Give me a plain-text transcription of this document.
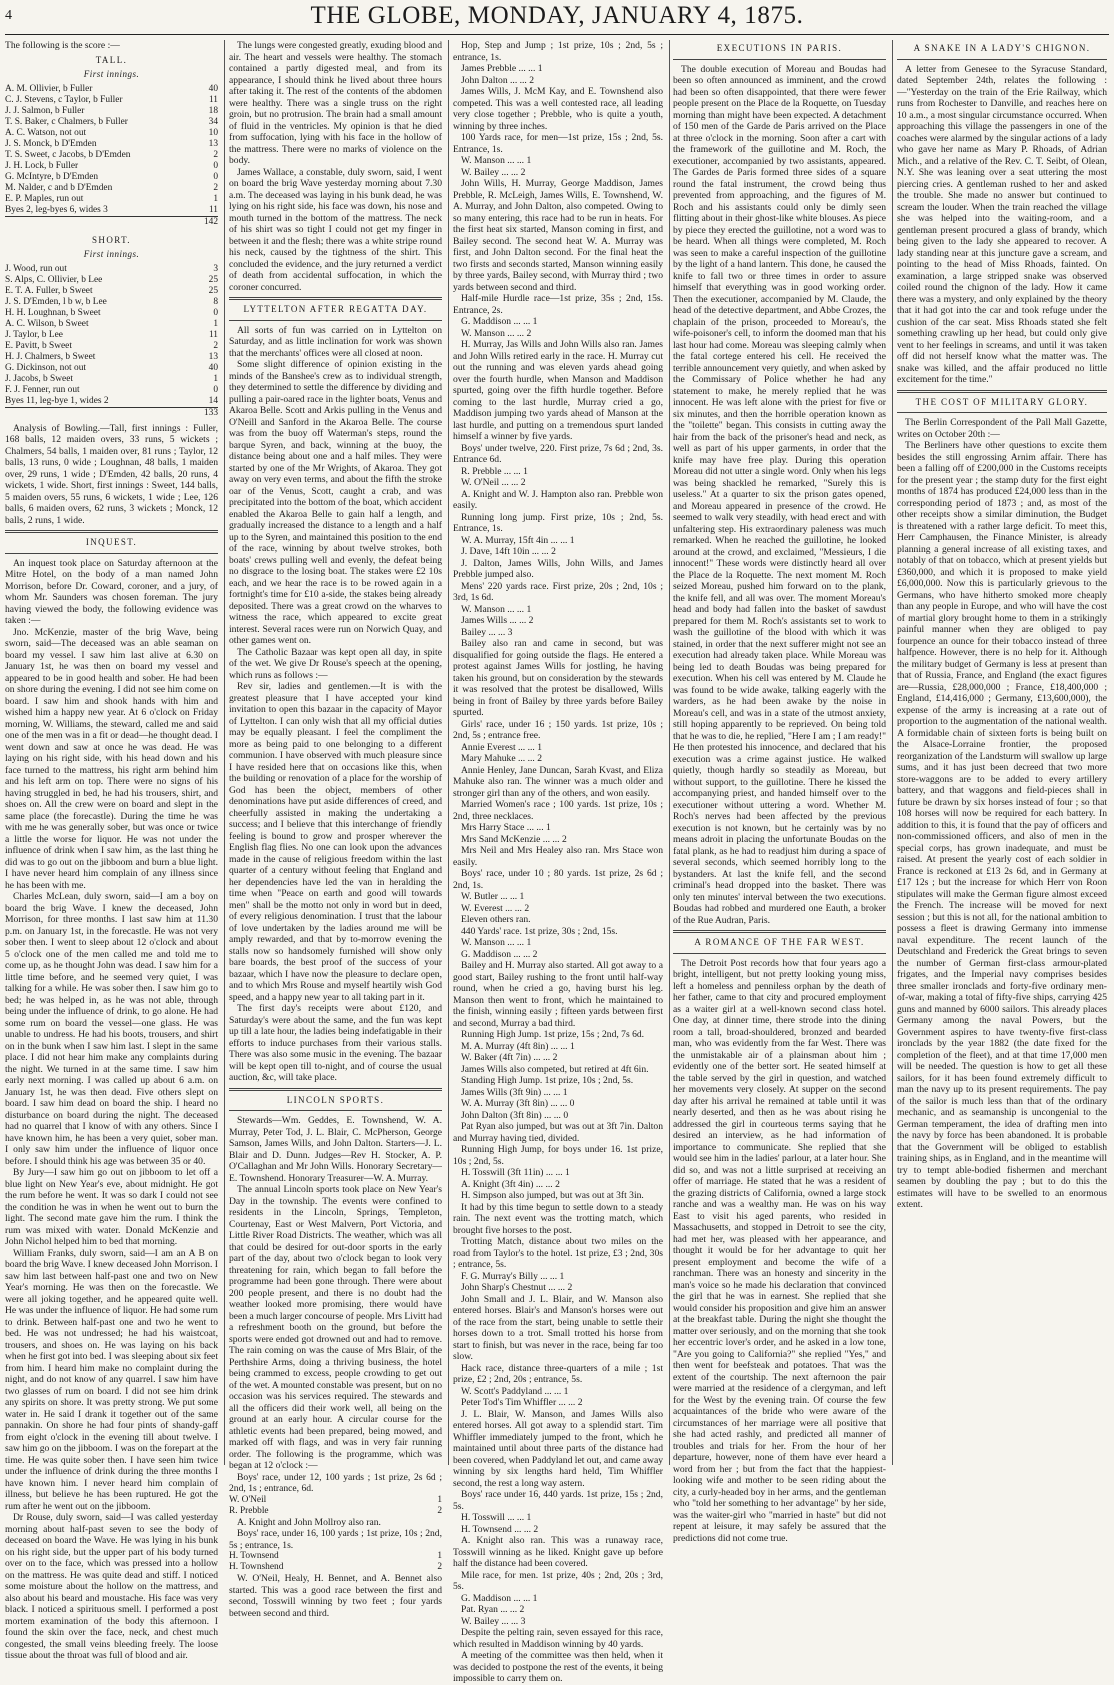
4	THE GLOBE, MONDAY, JANUARY 4, 1875.

The following is the score :—

TALL.
First innings.
A. M. Ollivier, b Fuller	40
C. J. Stevens, c Taylor, b Fuller	11
J. J. Salmon, b Fuller	18
T. S. Baker, c Chalmers, b Fuller	34
A. C. Watson, not out	10
J. S. Monck, b D'Emden	13
T. S. Sweet, c Jacobs, b D'Emden	2
J. H. Lock, b Fuller	0
G. McIntyre, b D'Emden	0
M. Nalder, c and b D'Emden	2
E. P. Maples, run out	1
Byes 2, leg-byes 6, wides 3	11
	142
SHORT.
First innings.
J. Wood, run out	3
S. Alps, C. Ollivier, b Lee	25
E. T. A. Fuller, b Sweet	25
J. S. D'Emden, l b w, b Lee	8
H. H. Loughnan, b Sweet	0
A. C. Wilson, b Sweet	1
J. Taylor, b Lee	11
E. Pavitt, b Sweet	2
H. J. Chalmers, b Sweet	13
G. Dickinson, not out	40
J. Jacobs, b Sweet	1
F. J. Fenner, run out	0
Byes 11, leg-bye 1, wides 2	14
	133

Analysis of Bowling.—Tall, first innings : Fuller, 168 balls, 12 maiden overs, 33 runs, 5 wickets ; Chalmers, 54 balls, 1 maiden over, 81 runs ; Taylor, 12 balls, 13 runs, 0 wide ; Loughnan, 48 balls, 1 maiden over, 29 runs, 1 wide ; D'Emden, 42 balls, 20 runs, 4 wickets, 1 wide. Short, first innings : Sweet, 144 balls, 5 maiden overs, 55 runs, 6 wickets, 1 wide ; Lee, 126 balls, 6 maiden overs, 62 runs, 3 wickets ; Monck, 12 balls, 2 runs, 1 wide.

INQUEST.

An inquest took place on Saturday afternoon at the Mitre Hotel, on the body of a man named John Morrison, before Dr. Coward, coroner, and a jury, of whom Mr. Saunders was chosen foreman. The jury having viewed the body, the following evidence was taken :—

Jno. McKenzie, master of the brig Wave, being sworn, said—The deceased was an able seaman on board my vessel. I saw him last alive at 6.30 on January 1st, he was then on board my vessel and appeared to be in good health and sober. He had been on shore during the evening. I did not see him come on board. I saw him and shook hands with him and wished him a happy new year. At 6 o'clock on Friday morning, W. Williams, the steward, called me and said one of the men was in a fit or dead—he thought dead. I went down and saw at once he was dead. He was laying on his right side, with his head down and his face turned to the mattress, his right arm behind him and his left arm on top. There were no signs of his having struggled in bed, he had his trousers, shirt, and shoes on. All the crew were on board and slept in the same place (the forecastle). During the time he was with me he was generally sober, but was once or twice a little the worse for liquor. He was not under the influence of drink when I saw him, as the last thing he did was to go out on the jibboom and burn a blue light. I have never heard him complain of any illness since he has been with me.

Charles McLean, duly sworn, said—I am a boy on board the brig Wave. I knew the deceased, John Morrison, for three months. I last saw him at 11.30 p.m. on January 1st, in the forecastle. He was not very sober then. I went to sleep about 12 o'clock and about 5 o'clock one of the men called me and told me to come up, as he thought John was dead. I saw him for a little time before, and he seemed very quiet, I was talking for a while. He was sober then. I saw him go to bed; he was helped in, as he was not able, through being under the influence of drink, to go alone. He had some rum on board the vessel—one glass. He was unable to undress. He had his boots, trousers, and shirt on in the bunk when I saw him last. I slept in the same place. I did not hear him make any complaints during the night. We turned in at the same time. I saw him early next morning. I was called up about 6 a.m. on January 1st, he was then dead. Five others slept on board. I saw him dead on board the ship. I heard no disturbance on board during the night. The deceased had no quarrel that I know of with any others. Since I have known him, he has been a very quiet, sober man. I only saw him under the influence of liquor once before. I should think his age was between 35 or 40.

By Jury—I saw him go out on jibboom to let off a blue light on New Year's eve, about midnight. He got the rum before he went. It was so dark I could not see the condition he was in when he went out to burn the light. The second mate gave him the rum. I think the rum was mixed with water. Donald McKenzie and John Nichol helped him to bed that morning.

William Franks, duly sworn, said—I am an A B on board the brig Wave. I knew deceased John Morrison. I saw him last between half-past one and two on New Year's morning. He was then on the forecastle. We were all joking together, and he appeared quite well. He was under the influence of liquor. He had some rum to drink. Between half-past one and two he went to bed. He was not undressed; he had his waistcoat, trousers, and shoes on. He was laying on his back when he first got into bed. I was sleeping about six feet from him. I heard him make no complaint during the night, and do not know of any quarrel. I saw him have two glasses of rum on board. I did not see him drink any spirits on shore. It was pretty strong. We put some water in. He said I drank it together out of the same pannakin. On shore he had four pints of shandy-gaff from eight o'clock in the evening till about twelve. I saw him go on the jibboom. I was on the forepart at the time. He was quite sober then. I have seen him twice under the influence of drink during the three months I have known him. I never heard him complain of illness, but believe he has been ruptured. He got the rum after he went out on the jibboom.

Dr Rouse, duly sworn, said—I was called yesterday morning about half-past seven to see the body of deceased on board the Wave. He was lying in his bunk on his right side, but the upper part of his body turned over on to the face, which was pressed into a hollow on the mattress. He was quite dead and stiff. I noticed some moisture about the hollow on the mattress, and also about his beard and moustache. His face was very black. I noticed a spirituous smell. I performed a post mortem examination of the body this afternoon. I found the skin over the face, neck, and chest much congested, the small veins bleeding freely. The loose tissue about the throat was full of blood and air.

The lungs were congested greatly, exuding blood and air. The heart and vessels were healthy. The stomach contained a partly digested meal, and from its appearance, I should think he lived about three hours after taking it. The rest of the contents of the abdomen were healthy. There was a single truss on the right groin, but no protrusion. The brain had a small amount of fluid in the ventricles. My opinion is that he died from suffocation, lying with his face in the hollow of the mattress. There were no marks of violence on the body.

James Wallace, a constable, duly sworn, said, I went on board the brig Wave yesterday morning about 7.30 a.m. The deceased was laying in his bunk dead, he was lying on his right side, his face was down, his nose and mouth turned in the bottom of the mattress. The neck of his shirt was so tight I could not get my finger in between it and the flesh; there was a white stripe round his neck, caused by the tightness of the shirt. This concluded the evidence, and the jury returned a verdict of death from accidental suffocation, in which the coroner concurred.

LYTTELTON AFTER REGATTA DAY.

All sorts of fun was carried on in Lyttelton on Saturday, and as little inclination for work was shown that the merchants' offices were all closed at noon.

Some slight difference of opinion existing in the minds of the Banshee's crew as to individual strength, they determined to settle the difference by dividing and pulling a pair-oared race in the lighter boats, Venus and Akaroa Belle. Scott and Arkis pulling in the Venus and O'Neill and Sanford in the Akaroa Belle. The course was from the buoy off Waterman's steps, round the barque Syren, and back, winning at the buoy, the distance being about one and a half miles. They were started by one of the Mr Wrights, of Akaroa. They got away on very even terms, and about the fifth the stroke oar of the Venus, Scott, caught a crab, and was precipitated into the bottom of the boat, which accident enabled the Akaroa Belle to gain half a length, and gradually increased the distance to a length and a half up to the Syren, and maintained this position to the end of the race, winning by about twelve strokes, both boats' crews pulling well and evenly, the defeat being no disgrace to the losing boat. The stakes were £2 10s each, and we hear the race is to be rowed again in a fortnight's time for £10 a-side, the stakes being already deposited. There was a great crowd on the wharves to witness the race, which appeared to excite great interest. Several races were run on Norwich Quay, and other games went on.

The Catholic Bazaar was kept open all day, in spite of the wet. We give Dr Rouse's speech at the opening, which runs as follows :—

Rev sir, ladies and gentlemen.—It is with the greatest pleasure that I have accepted your kind invitation to open this bazaar in the capacity of Mayor of Lyttelton. I can only wish that all my official duties may be equally pleasant. I feel the compliment the more as being paid to one belonging to a different communion. I have observed with much pleasure since I have resided here that on occasions like this, when the building or renovation of a place for the worship of God has been the object, members of other denominations have put aside differences of creed, and cheerfully assisted in making the undertaking a success; and I believe that this interchange of friendly feeling is bound to grow and prosper wherever the English flag flies. No one can look upon the advances made in the cause of religious freedom within the last quarter of a century without feeling that England and her dependencies have led the van in heralding the time when "Peace on earth and good will towards men" shall be the motto not only in word but in deed, of every religious denomination. I trust that the labour of love undertaken by the ladies around me will be amply rewarded, and that by to-morrow evening the stalls now so handsomely furnished will show only bare boards, the best proof of the success of your bazaar, which I have now the pleasure to declare open, and to which Mrs Rouse and myself heartily wish God speed, and a happy new year to all taking part in it.

The first day's receipts were about £120, and Saturday's were about the same, and the fun was kept up till a late hour, the ladies being indefatigable in their efforts to induce purchases from their various stalls. There was also some music in the evening. The bazaar will be kept open till to-night, and of course the usual auction, &c, will take place.

LINCOLN SPORTS.

Stewards—Wm. Geddes, E. Townshend, W. A. Murray, Peter Tod, J. L. Blair, C. McPherson, George Samson, James Wills, and John Dalton. Starters—J. L. Blair and D. Dunn. Judges—Rev H. Stocker, A. P. O'Callaghan and Mr John Wills. Honorary Secretary—E. Townshend. Honorary Treasurer—W. A. Murray.

The annual Lincoln sports took place on New Year's Day in the township. The events were confined to residents in the Lincoln, Springs, Templeton, Courtenay, East or West Malvern, Port Victoria, and Little River Road Districts. The weather, which was all that could be desired for out-door sports in the early part of the day, about two o'clock began to look very threatening for rain, which began to fall before the programme had been gone through. There were about 200 people present, and there is no doubt had the weather looked more promising, there would have been a much larger concourse of people. Mrs Livitt had a refreshment booth on the ground, but before the sports were ended got drowned out and had to remove. The rain coming on was the cause of Mrs Blair, of the Perthshire Arms, doing a thriving business, the hotel being crammed to excess, people crowding to get out of the wet. A mounted constable was present, but on no occasion was his services required. The stewards and all the officers did their work well, all being on the ground at an early hour. A circular course for the athletic events had been prepared, being mowed, and marked off with flags, and was in very fair running order. The following is the programme, which was began at 12 o'clock :—

Boys' race, under 12, 100 yards ; 1st prize, 2s 6d ; 2nd, 1s ; entrance, 6d.

W. O'Neil	1
R. Prebble	2

A. Knight and John Mollroy also ran.

Boys' race, under 16, 100 yards ; 1st prize, 10s ; 2nd, 5s ; entrance, 1s.

H. Townsend	1
H. Townshend	2

W. O'Neil, Healy, H. Bennet, and A. Bennet also started. This was a good race between the first and second, Tosswill winning by two feet ; four yards between second and third.

Hop, Step and Jump ; 1st prize, 10s ; 2nd, 5s ; entrance, 1s.

James Prebble ... ... 1

John Dalton ... ... 2

James Wills, J. McM Kay, and E. Townshend also competed. This was a well contested race, all leading very close together ; Prebble, who is quite a youth, winning by three inches.

100 Yards race, for men—1st prize, 15s ; 2nd, 5s. Entrance, 1s.

W. Manson ... ... 1

W. Bailey ... ... 2

John Wills, H. Murray, George Maddison, James Prebble, R. McLeigh, James Wills, E. Townshend, W. A. Murray, and John Dalton, also competed. Owing to so many entering, this race had to be run in heats. For the first heat six started, Manson coming in first, and Bailey second. The second heat W. A. Murray was first, and John Dalton second. For the final heat the two firsts and seconds started, Manson winning easily by three yards, Bailey second, with Murray third ; two yards between second and third.

Half-mile Hurdle race—1st prize, 35s ; 2nd, 15s. Entrance, 2s.

G. Maddison ... ... 1

W. Manson ... ... 2

H. Murray, Jas Wills and John Wills also ran. James and John Wills retired early in the race. H. Murray cut out the running and was eleven yards ahead going over the fourth hurdle, when Manson and Maddison spurted, going over the fifth hurdle together. Before coming to the last hurdle, Murray cried a go, Maddison jumping two yards ahead of Manson at the last hurdle, and putting on a tremendous spurt landed himself a winner by five yards.

Boys' under twelve, 220. First prize, 7s 6d ; 2nd, 3s. Entrance 6d.

R. Prebble ... ... 1

W. O'Neil ... ... 2

A. Knight and W. J. Hampton also ran. Prebble won easily.

Running long jump. First prize, 10s ; 2nd, 5s. Entrance, 1s.

W. A. Murray, 15ft 4in ... ... 1

J. Dave, 14ft 10in ... ... 2

J. Dalton, James Wills, John Wills, and James Prebble jumped also.

Mens' 220 yards race. First prize, 20s ; 2nd, 10s ; 3rd, 1s 6d.

W. Manson ... ... 1

James Wills ... ... 2

Bailey ... ... 3

Bailey also ran and came in second, but was disqualified for going outside the flags. He entered a protest against James Wills for jostling, he having taken his ground, but on consideration by the stewards it was resolved that the protest be disallowed, Wills being in front of Bailey by three yards before Bailey spurted.

Girls' race, under 16 ; 150 yards. 1st prize, 10s ; 2nd, 5s ; entrance free.

Annie Everest ... ... 1

Mary Mahuke ... ... 2

Annie Henley, Jane Duncan, Sarah Kvast, and Eliza Mahuke also ran. The winner was a much older and stronger girl than any of the others, and won easily.

Married Women's race ; 100 yards. 1st prize, 10s ; 2nd, three necklaces.

Mrs Harry Stace ... ... 1

Mrs Sand McKenzie ... ... 2

Mrs Neil and Mrs Healey also ran. Mrs Stace won easily.

Boys' race, under 10 ; 80 yards. 1st prize, 2s 6d ; 2nd, 1s.

W. Butler ... ... 1

W. Everest ... ... 2

Eleven others ran.

440 Yards' race. 1st prize, 30s ; 2nd, 15s.

W. Manson ... ... 1

G. Maddison ... ... 2

Bailey and H. Murray also started. All got away to a good start, Bailey rushing to the front until half-way round, when he cried a go, having burst his leg. Manson then went to front, which he maintained to the finish, winning easily ; fifteen yards between first and second, Murray a bad third.

Running High Jump. 1st prize, 15s ; 2nd, 7s 6d.

M. A. Murray (4ft 8in) ... ... 1

W. Baker (4ft 7in) ... ... 2

James Wills also competed, but retired at 4ft 6in.

Standing High Jump. 1st prize, 10s ; 2nd, 5s.

James Wills (3ft 9in) ... ... 1

W. A. Murray (3ft 8in) ... ... 0

John Dalton (3ft 8in) ... ... 0

Pat Ryan also jumped, but was out at 3ft 7in. Dalton and Murray having tied, divided.

Running High Jump, for boys under 16. 1st prize, 10s ; 2nd, 5s.

H. Tosswill (3ft 11in) ... ... 1

A. Knight (3ft 4in) ... ... 2

H. Simpson also jumped, but was out at 3ft 3in.

It had by this time begun to settle down to a steady rain. The next event was the trotting match, which brought five horses to the post.

Trotting Match, distance about two miles on the road from Taylor's to the hotel. 1st prize, £3 ; 2nd, 30s ; entrance, 5s.

F. G. Murray's Billy ... ... 1

John Sharp's Chestnut ... ... 2

John Small and J. L. Blair, and W. Manson also entered horses. Blair's and Manson's horses were out of the race from the start, being unable to settle their horses down to a trot. Small trotted his horse from start to finish, but was never in the race, being far too slow.

Hack race, distance three-quarters of a mile ; 1st prize, £2 ; 2nd, 20s ; entrance, 5s.

W. Scott's Paddyland ... ... 1

Peter Tod's Tim Whiffler ... ... 2

J. L. Blair, W. Manson, and James Wills also entered horses. All got away to a splendid start. Tim Whiffler immediately jumped to the front, which he maintained until about three parts of the distance had been covered, when Paddyland let out, and came away winning by six lengths hard held, Tim Whiffler second, the rest a long way astern.

Boys' race under 16, 440 yards. 1st prize, 15s ; 2nd, 5s.

H. Tosswill ... ... 1

H. Townsend ... ... 2

A. Knight also ran. This was a runaway race, Tosswill winning as he liked. Knight gave up before half the distance had been covered.

Mile race, for men. 1st prize, 40s ; 2nd, 20s ; 3rd, 5s.

G. Maddison ... ... 1

Pat. Ryan ... ... 2

W. Bailey ... ... 3

Despite the pelting rain, seven essayed for this race, which resulted in Maddison winning by 40 yards.

A meeting of the committee was then held, when it was decided to postpone the rest of the events, it being impossible to carry them on.

EXECUTIONS IN PARIS.

The double execution of Moreau and Boudas had been so often announced as imminent, and the crowd had been so often disappointed, that there were fewer people present on the Place de la Roquette, on Tuesday morning than might have been expected. A detachment of 150 men of the Garde de Paris arrived on the Place at three o'clock in the morning. Soon after a cart with the framework of the guillotine and M. Roch, the executioner, accompanied by two assistants, appeared. The Gardes de Paris formed three sides of a square round the fatal instrument, the crowd being thus prevented from approaching, and the figures of M. Roch and his assistants could only be dimly seen flitting about in their ghost-like white blouses. As piece by piece they erected the guillotine, not a word was to be heard. When all things were completed, M. Roch was seen to make a careful inspection of the guillotine by the light of a hand lantern. This done, he caused the knife to fall two or three times in order to assure himself that everything was in good working order. Then the executioner, accompanied by M. Claude, the head of the detective department, and Abbe Crozes, the chaplain of the prison, proceeded to Moreau's, the wife-poisoner's cell, to inform the doomed man that his last hour had come. Moreau was sleeping calmly when the fatal cortege entered his cell. He received the terrible announcement very quietly, and when asked by the Commissary of Police whether he had any statement to make, he merely replied that he was innocent. He was left alone with the priest for five or six minutes, and then the horrible operation known as the "toilette" began. This consists in cutting away the hair from the back of the prisoner's head and neck, as well as part of his upper garments, in order that the knife may have free play. During this operation Moreau did not utter a single word. Only when his legs was being shackled he remarked, "Surely this is useless." At a quarter to six the prison gates opened, and Moreau appeared in presence of the crowd. He seemed to walk very steadily, with head erect and with unfaltering step. His extraordinary paleness was much remarked. When he reached the guillotine, he looked around at the crowd, and exclaimed, "Messieurs, I die innocent!" These words were distinctly heard all over the Place de la Roquette. The next moment M. Roch seized Moreau, pushed him forward on to the plank, the knife fell, and all was over. The moment Moreau's head and body had fallen into the basket of sawdust prepared for them M. Roch's assistants set to work to wash the guillotine of the blood with which it was stained, in order that the next sufferer might not see an execution had already taken place. While Moreau was being led to death Boudas was being prepared for execution. When his cell was entered by M. Claude he was found to be wide awake, talking eagerly with the warders, as he had been awake by the noise in Moreau's cell, and was in a state of the utmost anxiety, still hoping apparently to be reprieved. On being told that he was to die, he replied, "Here I am ; I am ready!" He then protested his innocence, and declared that his execution was a crime against justice. He walked quietly, though hardly so steadily as Moreau, but without support, to the guillotine. There he kissed the accompanying priest, and handed himself over to the executioner without uttering a word. Whether M. Roch's nerves had been affected by the previous execution is not known, but he certainly was by no means adroit in placing the unfortunate Boudas on the fatal plank, as he had to readjust him during a space of several seconds, which seemed horribly long to the bystanders. At last the knife fell, and the second criminal's head dropped into the basket. There was only ten minutes' interval between the two executions. Boudas had robbed and murdered one Eauth, a broker of the Rue Audran, Paris.

A ROMANCE OF THE FAR WEST.

The Detroit Post records how that four years ago a bright, intelligent, but not pretty looking young miss, left a homeless and penniless orphan by the death of her father, came to that city and procured employment as a waiter girl at a well-known second class hotel. One day, at dinner time, there strode into the dining room a tall, broad-shouldered, bronzed and bearded man, who was evidently from the far West. There was the unmistakable air of a plainsman about him ; evidently one of the better sort. He seated himself at the table served by the girl in question, and watched her movements very closely. At supper on the second day after his arrival he remained at table until it was nearly deserted, and then as he was about rising he addressed the girl in courteous terms saying that he desired an interview, as he had information of importance to communicate. She replied that she would see him in the ladies' parlour, at a later hour. She did so, and was not a little surprised at receiving an offer of marriage. He stated that he was a resident of the grazing districts of California, owned a large stock ranche and was a wealthy man. He was on his way East to visit his aged parents, who resided in Massachusetts, and stopped in Detroit to see the city, had met her, was pleased with her appearance, and thought it would be for her advantage to quit her present employment and become the wife of a ranchman. There was an honesty and sincerity in the man's voice so he made his declaration that convinced the girl that he was in earnest. She replied that she would consider his proposition and give him an answer at the breakfast table. During the night she thought the matter over seriously, and on the morning that she took her eccentric lover's order, and he asked in a low tone, "Are you going to California?" she replied "Yes," and then went for beefsteak and potatoes. That was the extent of the courtship. The next afternoon the pair were married at the residence of a clergyman, and left for the West by the evening train. Of course the few acquaintances of the bride who were aware of the circumstances of her marriage were all positive that she had acted rashly, and predicted all manner of troubles and trials for her. From the hour of her departure, however, none of them have ever heard a word from her ; but from the fact that the happiest-looking wife and mother to be seen riding about the city, a curly-headed boy in her arms, and the gentleman who "told her something to her advantage" by her side, was the waiter-girl who "married in haste" but did not repent at leisure, it may safely be assured that the predictions did not come true.

A SNAKE IN A LADY'S CHIGNON.

A letter from Genesee to the Syracuse Standard, dated September 24th, relates the following :—"Yesterday on the train of the Erie Railway, which runs from Rochester to Danville, and reaches here on 10 a.m., a most singular circumstance occurred. When approaching this village the passengers in one of the coaches were alarmed by the singular actions of a lady who gave her name as Mary P. Rhoads, of Adrian Mich., and a relative of the Rev. C. T. Seibt, of Olean, N.Y. She was leaning over a seat uttering the most piercing cries. A gentleman rushed to her and asked the trouble. She made no answer but continued to scream the louder. When the train reached the village she was helped into the waiting-room, and a gentleman present procured a glass of brandy, which being given to the lady she appeared to recover. A lady standing near at this juncture gave a scream, and pointing to the head of Miss Rhoads, fainted. On examination, a large stripped snake was observed coiled round the chignon of the lady. How it came there was a mystery, and only explained by the theory that it had got into the car and took refuge under the cushion of the car seat. Miss Rhoads stated she felt something crawling up her head, but could only give vent to her feelings in screams, and until it was taken off did not herself know what the matter was. The snake was killed, and the affair produced no little excitement for the time."

THE COST OF MILITARY GLORY.

The Berlin Correspondent of the Pall Mall Gazette, writes on October 20th :—

The Berliners have other questions to excite them besides the still engrossing Arnim affair. There has been a falling off of £200,000 in the Customs receipts for the present year ; the stamp duty for the first eight months of 1874 has produced £24,000 less than in the corresponding period of 1873 ; and, as most of the other receipts show a similar diminution, the Budget is threatened with a rather large deficit. To meet this, Herr Camphausen, the Finance Minister, is already planning a general increase of all existing taxes, and notably of that on tobacco, which at present yields but £360,000, and which it is proposed to make yield £6,000,000. Now this is particularly grievous to the Germans, who have hitherto smoked more cheaply than any people in Europe, and who will have the cost of martial glory brought home to them in a strikingly painful manner when they are obliged to pay fourpence an ounce for their tobacco instead of three halfpence. However, there is no help for it. Although the military budget of Germany is less at present than that of Russia, France, and England (the exact figures are—Russia, £28,000,000 ; France, £18,400,000 ; England, £14,416,000 ; Germany, £13,600,000), the expense of the army is increasing at a rate out of proportion to the augmentation of the national wealth. A formidable chain of sixteen forts is being built on the Alsace-Lorraine frontier, the proposed reorganization of the Landsturm will swallow up large sums, and it has just been decreed that two more store-waggons are to be added to every artillery battery, and that waggons and field-pieces shall in future be drawn by six horses instead of four ; so that 108 horses will now be required for each battery. In addition to this, it is found that the pay of officers and non-commissioned officers, and also of men in the special corps, has grown inadequate, and must be raised. At present the yearly cost of each soldier in France is reckoned at £13 2s 6d, and in Germany at £17 12s ; but the increase for which Herr von Roon stipulates will make the German figure almost exceed the French. The increase will be moved for next session ; but this is not all, for the national ambition to possess a fleet is drawing Germany into immense naval expenditure. The recent launch of the Deutschland and Frederick the Great brings to seven the number of German first-class armour-plated frigates, and the Imperial navy comprises besides three smaller ironclads and forty-five ordinary men-of-war, making a total of fifty-five ships, carrying 425 guns and manned by 6000 sailors. This already places Germany among the naval Powers, but the Government aspires to have twenty-five first-class ironclads by the year 1882 (the date fixed for the completion of the fleet), and at that time 17,000 men will be needed. The question is how to get all these sailors, for it has been found extremely difficult to man the navy up to its present requirements. The pay of the sailor is much less than that of the ordinary mechanic, and as seamanship is uncongenial to the German temperament, the idea of drafting men into the navy by force has been abandoned. It is probable that the Government will be obliged to establish training ships, as in England, and in the meantime will try to tempt able-bodied fishermen and merchant seamen by doubling the pay ; but to do this the estimates will have to be swelled to an enormous extent.
